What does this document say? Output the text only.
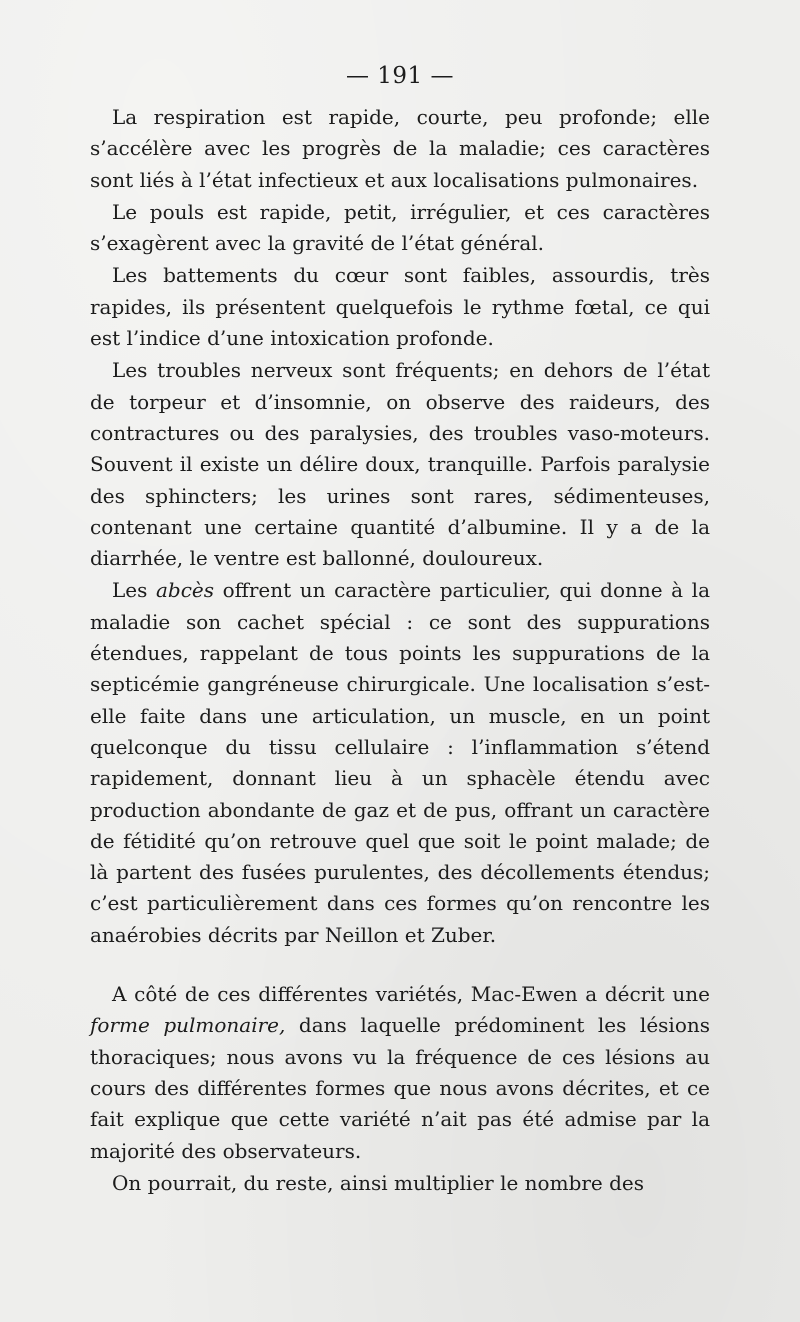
— 191 —

La respiration est rapide, courte, peu profonde; elle s’accélère avec les progrès de la maladie; ces caractères sont liés à l’état infectieux et aux localisations pulmonaires.

Le pouls est rapide, petit, irrégulier, et ces caractères s’exagèrent avec la gravité de l’état général.

Les battements du cœur sont faibles, assourdis, très rapides, ils présentent quelquefois le rythme fœtal, ce qui est l’indice d’une intoxication profonde.

Les troubles nerveux sont fréquents; en dehors de l’état de torpeur et d’insomnie, on observe des raideurs, des contractures ou des paralysies, des troubles vaso-moteurs. Souvent il existe un délire doux, tranquille. Parfois paralysie des sphincters; les urines sont rares, sédimenteuses, contenant une certaine quantité d’albumine. Il y a de la diarrhée, le ventre est ballonné, douloureux.

Les abcès offrent un caractère particulier, qui donne à la maladie son cachet spécial : ce sont des suppurations étendues, rappelant de tous points les suppurations de la septicémie gangréneuse chirurgicale. Une localisation s’est-elle faite dans une articulation, un muscle, en un point quelconque du tissu cellulaire : l’inflammation s’étend rapidement, donnant lieu à un sphacèle étendu avec production abondante de gaz et de pus, offrant un caractère de fétidité qu’on retrouve quel que soit le point malade; de là partent des fusées purulentes, des décollements étendus; c’est particulièrement dans ces formes qu’on rencontre les anaérobies décrits par Neillon et Zuber.

A côté de ces différentes variétés, Mac-Ewen a décrit une forme pulmonaire, dans laquelle prédominent les lésions thoraciques; nous avons vu la fréquence de ces lésions au cours des différentes formes que nous avons décrites, et ce fait explique que cette variété n’ait pas été admise par la majorité des observateurs.

On pourrait, du reste, ainsi multiplier le nombre des
